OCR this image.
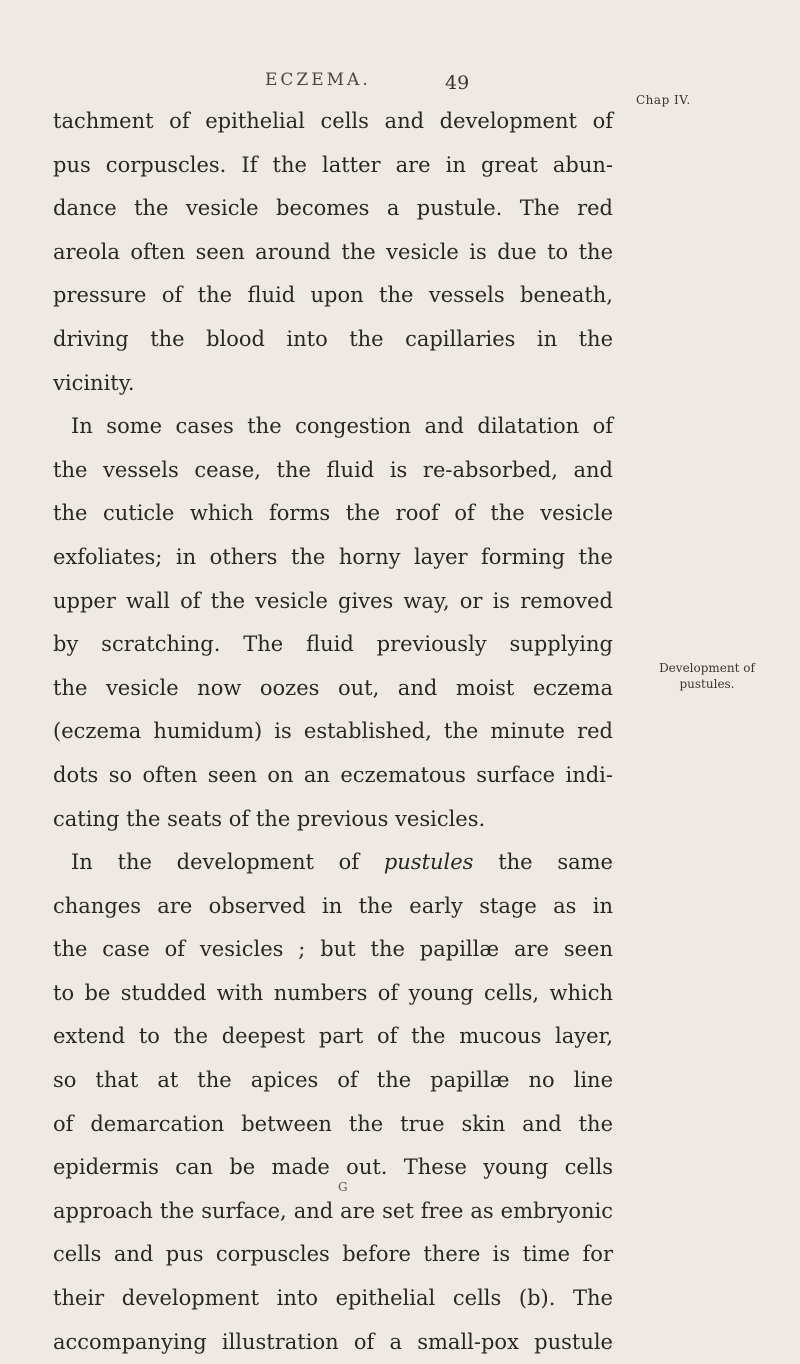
ECZEMA.	49
Chap IV.
tachment of epithelial cells and development of
pus corpuscles. If the latter are in great abun-
dance the vesicle becomes a pustule. The red
areola often seen around the vesicle is due to the
pressure of the fluid upon the vessels beneath,
driving the blood into the capillaries in the
vicinity.
In some cases the congestion and dilatation of
the vessels cease, the fluid is re-absorbed, and
the cuticle which forms the roof of the vesicle
exfoliates; in others the horny layer forming the
upper wall of the vesicle gives way, or is removed
by scratching. The fluid previously supplying
the vesicle now oozes out, and moist eczema
(eczema humidum) is established, the minute red
dots so often seen on an eczematous surface indi-
cating the seats of the previous vesicles.
In the development of pustules the same
changes are observed in the early stage as in
the case of vesicles ; but the papillæ are seen
to be studded with numbers of young cells, which
extend to the deepest part of the mucous layer,
so that at the apices of the papillæ no line
of demarcation between the true skin and the
epidermis can be made out. These young cells
approach the surface, and are set free as embryonic
cells and pus corpuscles before there is time for
their development into epithelial cells (b). The
accompanying illustration of a small-pox pustule
Development of
pustules.
G
